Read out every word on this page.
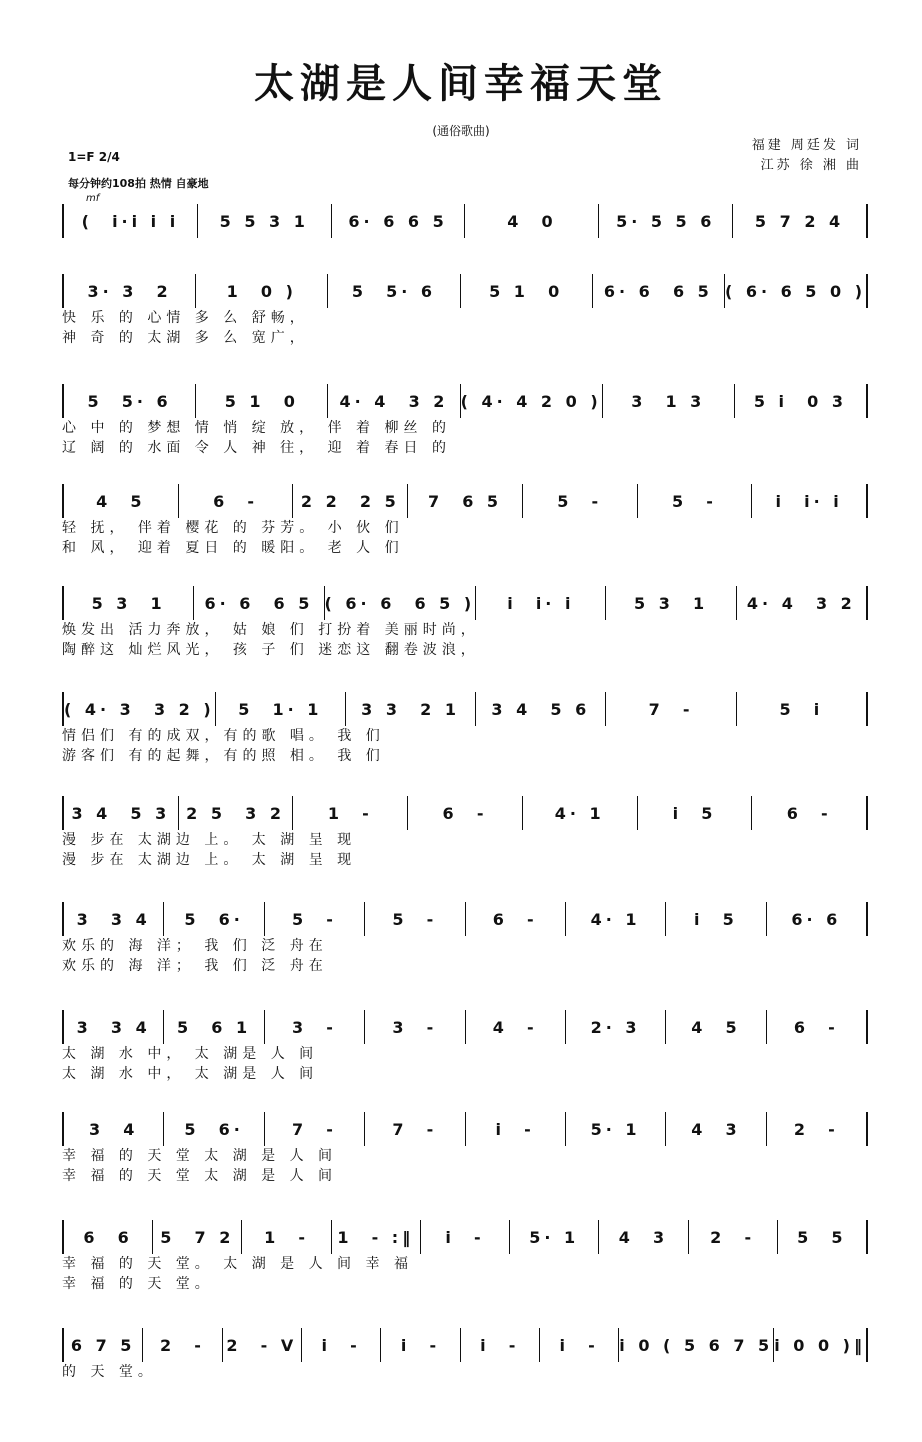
太湖是人间幸福天堂
(通俗歌曲)
1=F 2/4
每分钟约108拍 热情 自豪地
mf
福建 周廷发 词
江苏 徐 湘 曲
(  i·i i i	5 5 3 1 6· 6 6 5	4  0	5· 5 5 6 5 7 2 4
3· 3  2	1  0 )	5  5· 6	5 1  0	6· 6  6 5 ( 6· 6 5 0 )
快 乐 的 心情 多 么 舒畅，
神 奇 的 太湖 多 么 宽广，
5  5· 6	5 1  0	4· 4  3 2 ( 4· 4 2 0 ) 3  1 3	5 i  0 3
心 中 的 梦想 情 悄 绽 放， 伴 着 柳丝 的
辽 阔 的 水面 令 人 神 往， 迎 着 春日 的
4  5	6  -	2 2  2 5 7  6 5	5  -	5  -	i  i· i
轻 抚， 伴着 樱花 的 芬芳。 小 伙 们
和 风， 迎着 夏日 的 暖阳。 老 人 们
5 3  1 6· 6  6 5 ( 6· 6  6 5 ) i  i· i	5 3  1 4· 4  3 2
焕发出 活力奔放， 姑 娘 们 打扮着 美丽时尚，
陶醉这 灿烂风光， 孩 子 们 迷恋这 翻卷波浪，
( 4· 3  3 2 ) 5  1· 1 3 3  2 1 3 4  5 6	7  -	5  i
情侣们 有的成双，有的歌 唱。 我 们
游客们 有的起舞，有的照 相。 我 们
3 4  5 3 2 5  3 2	1  -	6  -	4· 1	i  5	6  -
漫 步在 太湖边 上。 太 湖 呈 现
漫 步在 太湖边 上。 太 湖 呈 现
3  3 4 5  6·	5  -	5  -	6  -	4· 1	i  5	6· 6
欢乐的 海 洋； 我 们 泛 舟在
欢乐的 海 洋； 我 们 泛 舟在
3  3 4 5  6 1	3  -	3  -	4  -	2· 3	4  5	6  -
太 湖 水 中， 太 湖是 人 间
太 湖 水 中， 太 湖是 人 间
3  4	5  6·	7  -	7  -	i  -	5· 1	4  3	2  -
幸 福 的 天 堂 太 湖 是 人 间
幸 福 的 天 堂 太 湖 是 人 间
6  6 5  7 2 1  - 1  - :‖ i  -	5· 1 4  3	2  -	5  5
幸 福 的 天 堂。 太 湖 是 人 间 幸 福
幸 福 的 天 堂。
6 7 5 2  - 2  - V i  -	i  -	i  -	i  - i 0 ( 5 6 7 5 i 0 0 )‖
的 天 堂。
